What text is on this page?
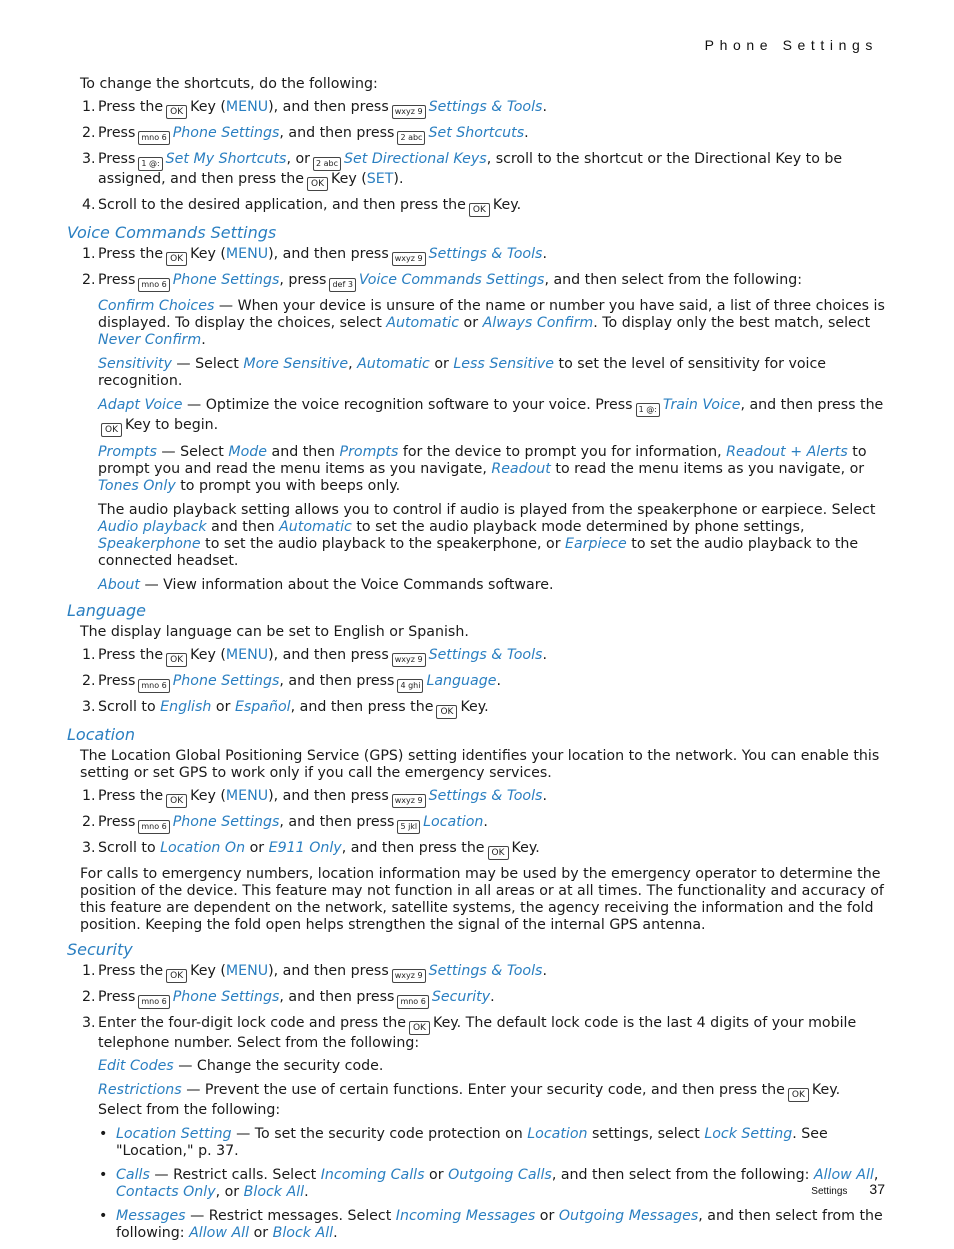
Phone Settings
To change the shortcuts, do the following:
1. Press the OK Key (MENU), and then press wxyz 9 Settings & Tools.
2. Press mno 6 Phone Settings, and then press 2 abc Set Shortcuts.
3. Press 1 @: Set My Shortcuts, or 2 abc Set Directional Keys, scroll to the shortcut or the Directional Key to be assigned, and then press the OK Key (SET).
4. Scroll to the desired application, and then press the OK Key.
Voice Commands Settings
1. Press the OK Key (MENU), and then press wxyz 9 Settings & Tools.
2. Press mno 6 Phone Settings, press def 3 Voice Commands Settings, and then select from the following:
Confirm Choices — When your device is unsure of the name or number you have said, a list of three choices is displayed. To display the choices, select Automatic or Always Confirm. To display only the best match, select Never Confirm.
Sensitivity — Select More Sensitive, Automatic or Less Sensitive to set the level of sensitivity for voice recognition.
Adapt Voice — Optimize the voice recognition software to your voice. Press 1 @: Train Voice, and then press theOK Key to begin.
Prompts — Select Mode and then Prompts for the device to prompt you for information, Readout + Alerts to prompt you and read the menu items as you navigate, Readout to read the menu items as you navigate, or Tones Only to prompt you with beeps only.
The audio playback setting allows you to control if audio is played from the speakerphone or earpiece. Select Audio playback and then Automatic to set the audio playback mode determined by phone settings, Speakerphone to set the audio playback to the speakerphone, or Earpiece to set the audio playback to the connected headset.
About — View information about the Voice Commands software.
Language
The display language can be set to English or Spanish.
1. Press the OK Key (MENU), and then press wxyz 9 Settings & Tools.
2. Press mno 6 Phone Settings, and then press 4 ghi Language.
3. Scroll to English or Español, and then press the OK Key.
Location
The Location Global Positioning Service (GPS) setting identifies your location to the network. You can enable this setting or set GPS to work only if you call the emergency services.
1. Press the OK Key (MENU), and then press wxyz 9 Settings & Tools.
2. Press mno 6 Phone Settings, and then press 5 jkl Location.
3. Scroll to Location On or E911 Only, and then press the OK Key.
For calls to emergency numbers, location information may be used by the emergency operator to determine the position of the device. This feature may not function in all areas or at all times. The functionality and accuracy of this feature are dependent on the network, satellite systems, the agency receiving the information and the fold position. Keeping the fold open helps strengthen the signal of the internal GPS antenna.
Security
1. Press the OK Key (MENU), and then press wxyz 9 Settings & Tools.
2. Press mno 6 Phone Settings, and then press mno 6 Security.
3. Enter the four-digit lock code and press the OK Key. The default lock code is the last 4 digits of your mobile telephone number. Select from the following:
Edit Codes — Change the security code.
Restrictions — Prevent the use of certain functions. Enter your security code, and then press the OK Key. Select from the following:
• Location Setting — To set the security code protection on Location settings, select Lock Setting. See "Location," p. 37.
• Calls — Restrict calls. Select Incoming Calls or Outgoing Calls, and then select from the following: Allow All, Contacts Only, or Block All.
• Messages — Restrict messages. Select Incoming Messages or Outgoing Messages, and then select from the following: Allow All or Block All.
Settings 37
